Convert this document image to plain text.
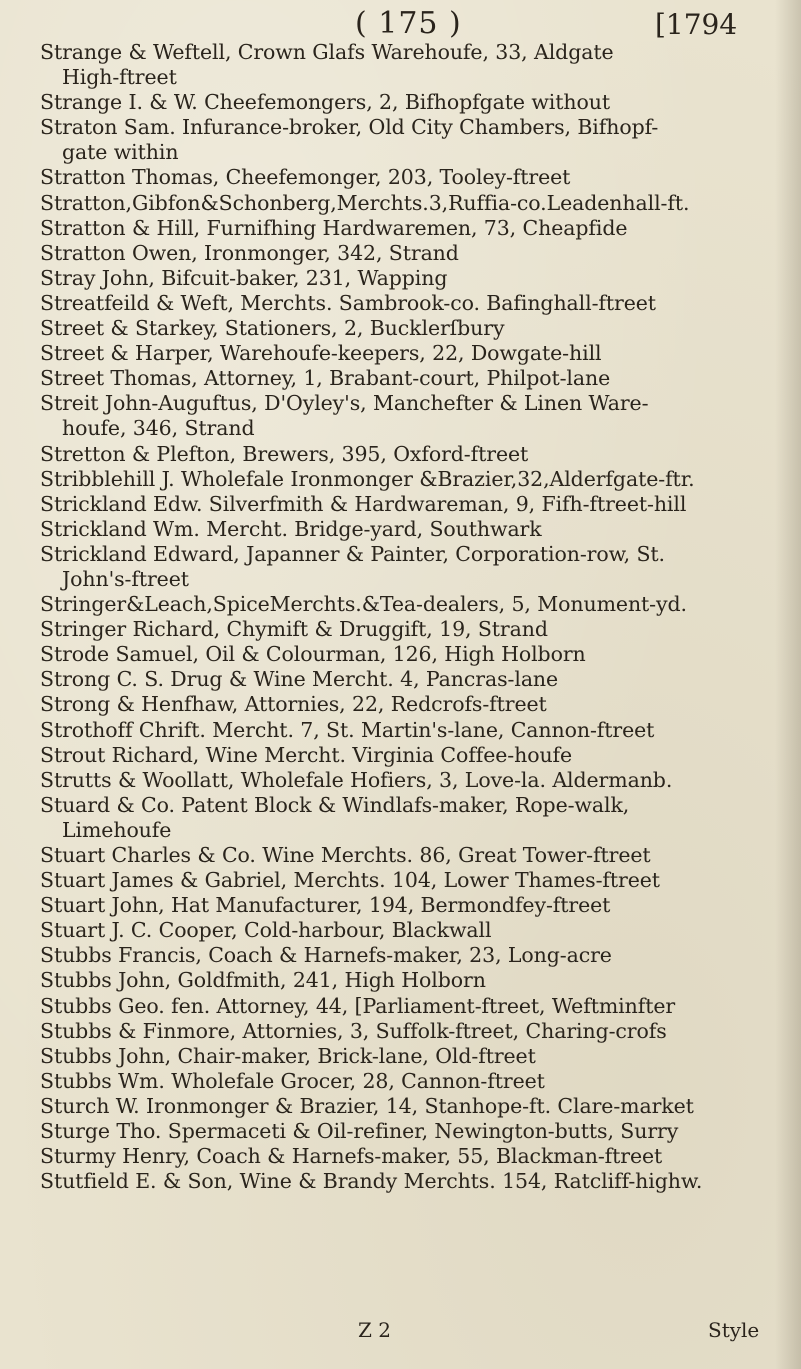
( 175 )	[1794
Strange & Weftell, Crown Glafs Warehoufe, 33, Aldgate
High-ftreet
Strange I. & W. Cheefemongers, 2, Bifhopfgate without
Straton Sam. Infurance-broker, Old City Chambers, Bifhopf-
gate within
Stratton Thomas, Cheefemonger, 203, Tooley-ftreet
Stratton,Gibfon&Schonberg,Merchts.3,Ruffia-co.Leadenhall-ft.
Stratton & Hill, Furnifhing Hardwaremen, 73, Cheapfide
Stratton Owen, Ironmonger, 342, Strand
Stray John, Bifcuit-baker, 231, Wapping
Streatfeild & Weft, Merchts. Sambrook-co. Bafinghall-ftreet
Street & Starkey, Stationers, 2, Bucklerſbury
Street & Harper, Warehoufe-keepers, 22, Dowgate-hill
Street Thomas, Attorney, 1, Brabant-court, Philpot-lane
Streit John-Auguftus, D'Oyley's, Manchefter & Linen Ware-
houfe, 346, Strand
Stretton & Plefton, Brewers, 395, Oxford-ftreet
Stribblehill J. Wholefale Ironmonger &Brazier,32,Alderfgate-ftr.
Strickland Edw. Silverfmith & Hardwareman, 9, Fifh-ftreet-hill
Strickland Wm. Mercht. Bridge-yard, Southwark
Strickland Edward, Japanner & Painter, Corporation-row, St.
John's-ftreet
Stringer&Leach,SpiceMerchts.&Tea-dealers, 5, Monument-yd.
Stringer Richard, Chymift & Druggift, 19, Strand
Strode Samuel, Oil & Colourman, 126, High Holborn
Strong C. S. Drug & Wine Mercht. 4, Pancras-lane
Strong & Henfhaw, Attornies, 22, Redcrofs-ftreet
Strothoff Chrift. Mercht. 7, St. Martin's-lane, Cannon-ftreet
Strout Richard, Wine Mercht. Virginia Coffee-houfe
Strutts & Woollatt, Wholefale Hofiers, 3, Love-la. Aldermanb.
Stuard & Co. Patent Block & Windlafs-maker, Rope-walk,
Limehoufe
Stuart Charles & Co. Wine Merchts. 86, Great Tower-ftreet
Stuart James & Gabriel, Merchts. 104, Lower Thames-ftreet
Stuart John, Hat Manufacturer, 194, Bermondfey-ftreet
Stuart J. C. Cooper, Cold-harbour, Blackwall
Stubbs Francis, Coach & Harnefs-maker, 23, Long-acre
Stubbs John, Goldfmith, 241, High Holborn
Stubbs Geo. fen. Attorney, 44, [Parliament-ftreet, Weftminfter
Stubbs & Finmore, Attornies, 3, Suffolk-ftreet, Charing-crofs
Stubbs John, Chair-maker, Brick-lane, Old-ftreet
Stubbs Wm. Wholefale Grocer, 28, Cannon-ftreet
Sturch W. Ironmonger & Brazier, 14, Stanhope-ft. Clare-market
Sturge Tho. Spermaceti & Oil-refiner, Newington-butts, Surry
Sturmy Henry, Coach & Harnefs-maker, 55, Blackman-ftreet
Stutfield E. & Son, Wine & Brandy Merchts. 154, Ratcliff-highw.
Z 2	Style
